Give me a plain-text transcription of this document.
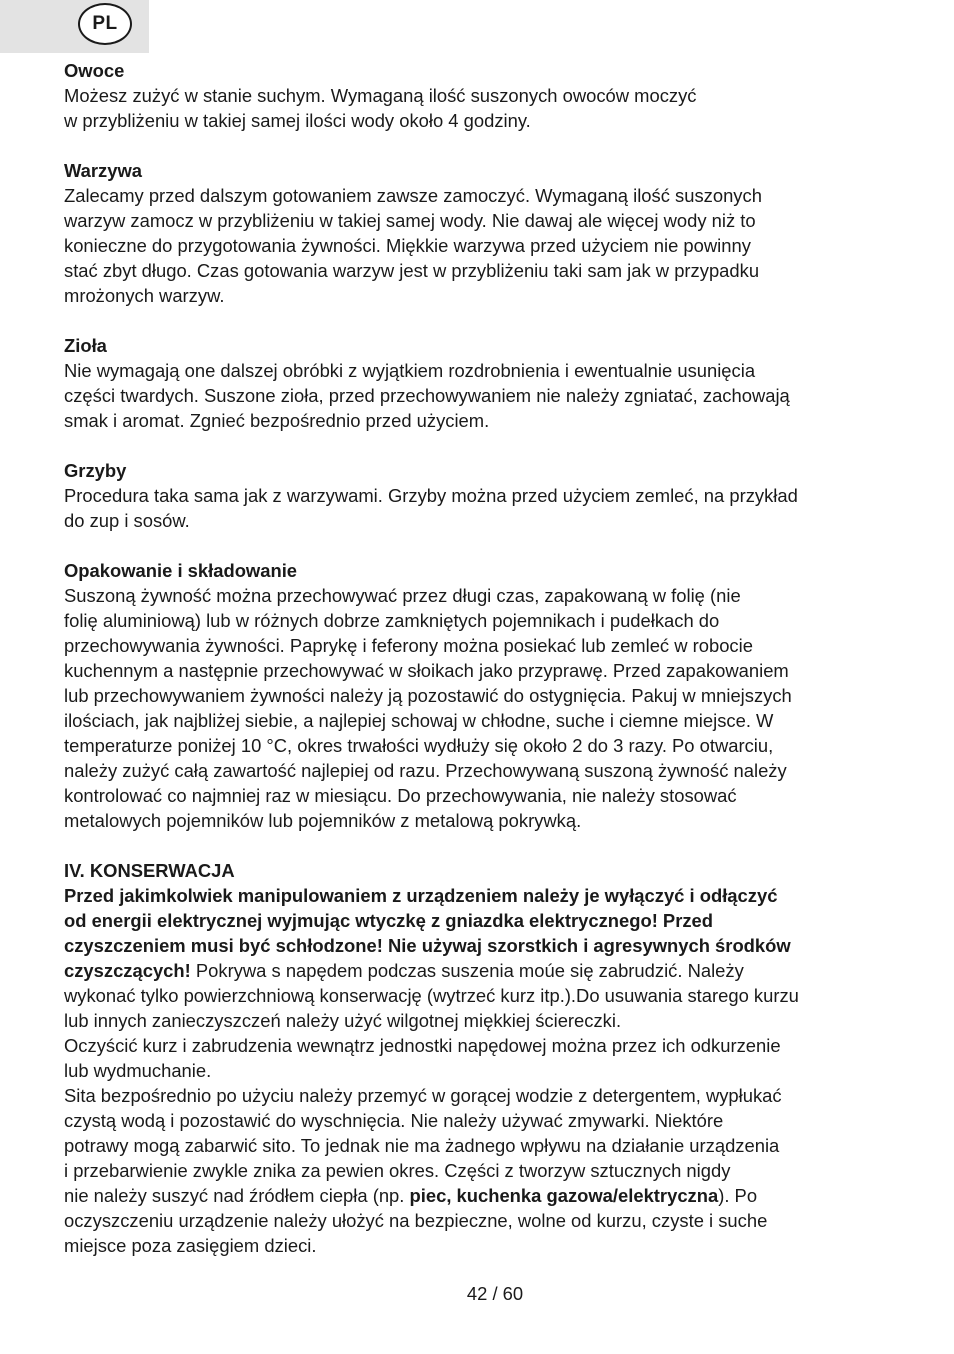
PL

Owoce

Możesz zużyć w stanie suchym. Wymaganą ilość suszonych owoców moczyć

w przybliżeniu w takiej samej ilości wody około 4 godziny.

Warzywa

Zalecamy przed dalszym gotowaniem zawsze zamoczyć. Wymaganą ilość suszonych

warzyw zamocz w przybliżeniu w takiej samej wody. Nie dawaj ale więcej wody niż to

konieczne do przygotowania żywności. Miękkie warzywa przed użyciem nie powinny

stać zbyt długo. Czas gotowania warzyw jest w przybliżeniu taki sam jak w przypadku

mrożonych warzyw.

Zioła

Nie wymagają one dalszej obróbki z wyjątkiem rozdrobnienia i ewentualnie usunięcia

części twardych. Suszone zioła, przed przechowywaniem nie należy zgniatać, zachowają

smak i aromat. Zgnieć bezpośrednio przed użyciem.

Grzyby

Procedura taka sama jak z warzywami. Grzyby można przed użyciem zemleć, na przykład

do zup i sosów.

Opakowanie i składowanie

Suszoną żywność można przechowywać przez długi czas, zapakowaną w folię (nie

folię aluminiową) lub w różnych dobrze zamkniętych pojemnikach i pudełkach do

przechowywania żywności. Paprykę i feferony można posiekać lub zemleć w robocie

kuchennym a następnie przechowywać w słoikach jako przyprawę. Przed zapakowaniem

lub przechowywaniem żywności należy ją pozostawić do ostygnięcia. Pakuj w mniejszych

ilościach, jak najbliżej siebie, a najlepiej schowaj w chłodne, suche i ciemne miejsce. W

temperaturze poniżej 10 °C, okres trwałości wydłuży się około 2 do 3 razy. Po otwarciu,

należy zużyć całą zawartość najlepiej od razu. Przechowywaną suszoną żywność należy

kontrolować co najmniej raz w miesiącu. Do przechowywania, nie należy stosować

metalowych pojemników lub pojemników z metalową pokrywką.

IV. KONSERWACJA

Przed jakimkolwiek manipulowaniem z urządzeniem należy je wyłączyć i odłączyć

od energii elektrycznej wyjmując wtyczkę z gniazdka elektrycznego! Przed

czyszczeniem musi być schłodzone! Nie używaj szorstkich i agresywnych środków

czyszczących! Pokrywa s napędem podczas suszenia moúe się zabrudzić. Należy

wykonać tylko powierzchniową konserwację (wytrzeć kurz itp.).Do usuwania starego kurzu

lub innych zanieczyszczeń należy użyć wilgotnej miękkiej ściereczki.

Oczyścić kurz i zabrudzenia wewnątrz jednostki napędowej można przez ich odkurzenie

lub wydmuchanie.

Sita bezpośrednio po użyciu należy przemyć w gorącej wodzie z detergentem, wypłukać

czystą wodą i pozostawić do wyschnięcia. Nie należy używać zmywarki. Niektóre

potrawy mogą zabarwić sito. To jednak nie ma żadnego wpływu na działanie urządzenia

i przebarwienie zwykle znika za pewien okres. Części z tworzyw sztucznych nigdy

nie należy suszyć nad źródłem ciepła (np. piec, kuchenka gazowa/elektryczna). Po

oczyszczeniu urządzenie należy ułożyć na bezpieczne, wolne od kurzu, czyste i suche

miejsce poza zasięgiem dzieci.

42 / 60
